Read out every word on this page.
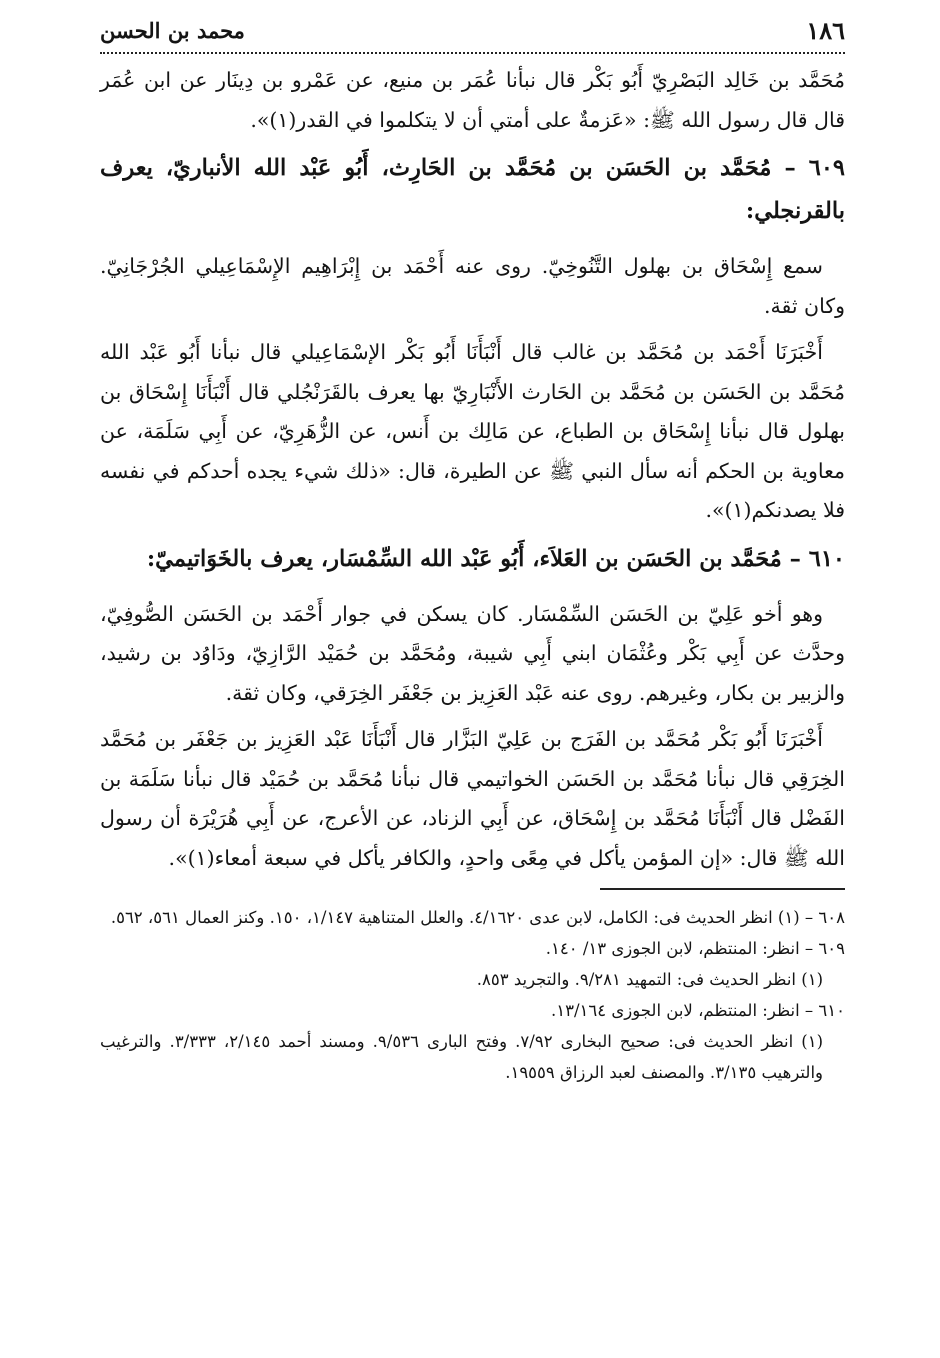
١٨٦
محمد بن الحسن

مُحَمَّد بن خَالِد البَصْرِيّ أَبُو بَكْر قال نبأنا عُمَر بن منيع، عن عَمْرو بن دِينَار عن ابن عُمَر قال قال رسول الله ﷺ: «عَزمةٌ على أمتي أن لا يتكلموا في القدر(١)».

٦٠٩ – مُحَمَّد بن الحَسَن بن مُحَمَّد بن الحَارِث، أَبُو عَبْد الله الأنباريّ، يعرف بالقرنجلي:

سمع إِسْحَاق بن بهلول التَّنُوخِيّ. روى عنه أَحْمَد بن إِبْرَاهِيم الإِسْمَاعِيلي الجُرْجَانِيّ. وكان ثقة.

أَخْبَرَنَا أَحْمَد بن مُحَمَّد بن غالب قال أَنْبَأَنَا أَبُو بَكْر الإسْمَاعِيلي قال نبأنا أَبُو عَبْد الله مُحَمَّد بن الحَسَن بن مُحَمَّد بن الحَارث الأَنْبَارِيّ بها يعرف بالقَرَنْجُلي قال أَنْبَأَنَا إِسْحَاق بن بهلول قال نبأنا إِسْحَاق بن الطباع، عن مَالِك بن أَنس، عن الزُّهَرِيّ، عن أَبِي سَلَمَة، عن معاوية بن الحكم أنه سأل النبي ﷺ عن الطيرة، قال: «ذلك شيء يجده أحدكم في نفسه فلا يصدنكم(١)».

٦١٠ – مُحَمَّد بن الحَسَن بن العَلاَء، أَبُو عَبْد الله السِّمْسَار، يعرف بالخَوَاتيميّ:

وهو أخو عَلِيّ بن الحَسَن السِّمْسَار. كان يسكن في جوار أَحْمَد بن الحَسَن الصُّوفِيّ، وحدَّث عن أَبِي بَكْر وعُثْمَان ابني أَبِي شيبة، ومُحَمَّد بن حُمَيْد الرَّازِيّ، ودَاوُد بن رشيد، والزبير بن بكار، وغيرهم. روى عنه عَبْد العَزِيز بن جَعْفَر الخِرَقي، وكان ثقة.

أَخْبَرَنَا أَبُو بَكْر مُحَمَّد بن الفَرَج بن عَلِيّ البَزَّار قال أَنْبَأَنَا عَبْد العَزِيز بن جَعْفَر بن مُحَمَّد الخِرَقِي قال نبأنا مُحَمَّد بن الحَسَن الخواتيمي قال نبأنا مُحَمَّد بن حُمَيْد قال نبأنا سَلَمَة بن الفَضْل قال أَنْبَأَنَا مُحَمَّد بن إِسْحَاق، عن أَبِي الزناد، عن الأعرج، عن أَبِي هُرَيْرَة أن رسول الله ﷺ قال: «إن المؤمن يأكل في مِعًى واحدٍ، والكافر يأكل في سبعة أمعاء(١)».

٦٠٨ – (١) انظر الحديث فى: الكامل، لابن عدى ٤/١٦٢٠. والعلل المتناهية ١/١٤٧، ١٥٠. وكنز العمال ٥٦١، ٥٦٢.

٦٠٩ – انظر: المنتظم، لابن الجوزى ١٣/ ١٤٠.

(١) انظر الحديث فى: التمهيد ٩/٢٨١. والتجريد ٨٥٣.

٦١٠ – انظر: المنتظم، لابن الجوزى ١٣/١٦٤.

(١) انظر الحديث فى: صحيح البخارى ٧/٩٢. وفتح البارى ٩/٥٣٦. ومسند أحمد ٢/١٤٥، ٣/٣٣٣. والترغيب والترهيب ٣/١٣٥. والمصنف لعبد الرزاق ١٩٥٥٩.
